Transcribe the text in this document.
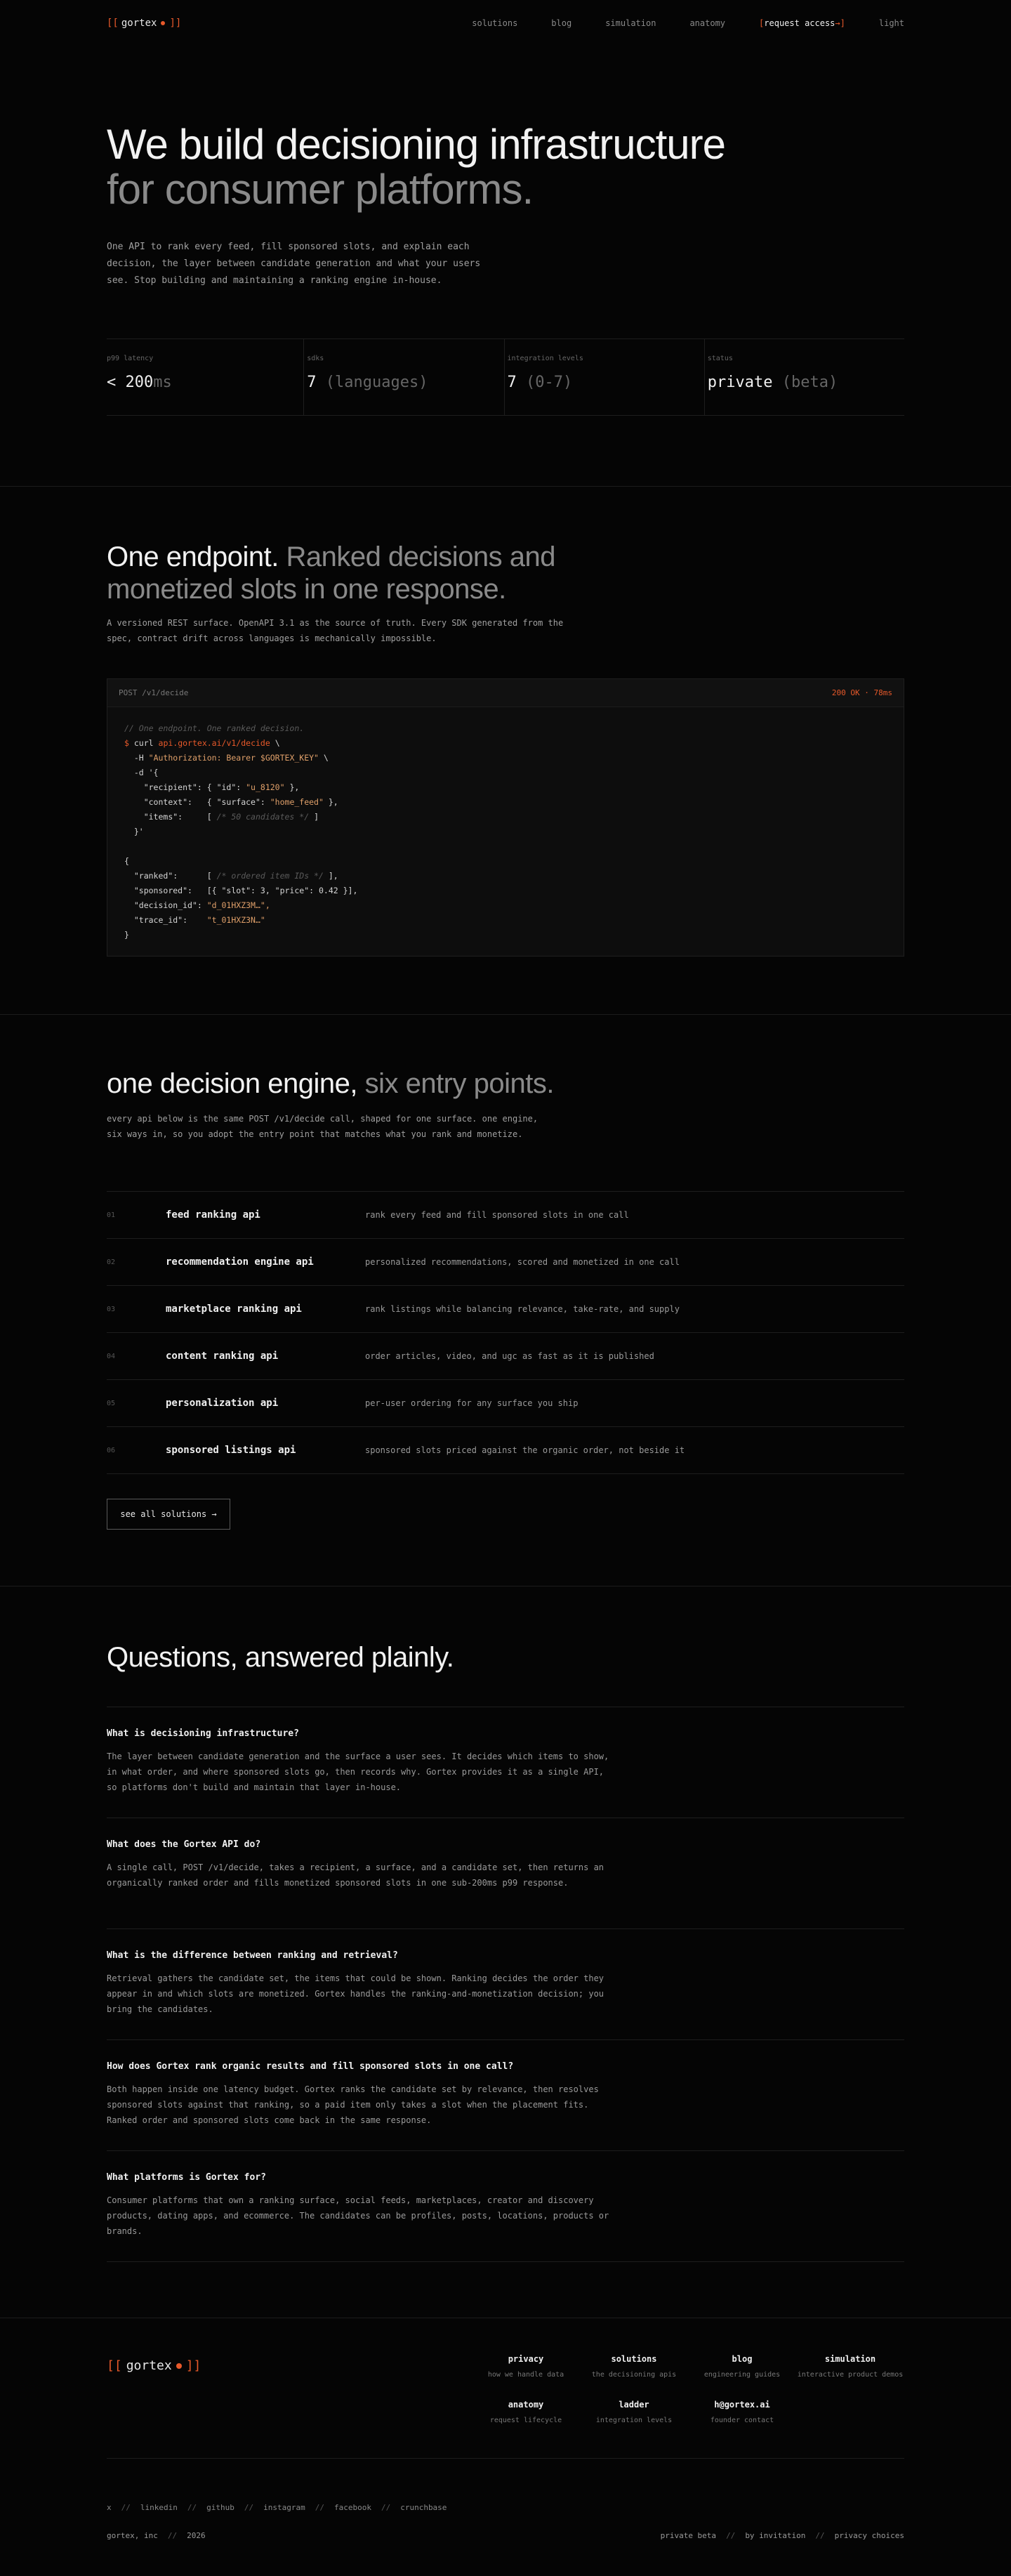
[[ gortex ]]	solutions	blog	simulation	anatomy	[request access→]	light
We build decisioning infrastructure
for consumer platforms.

One API to rank every feed, fill sponsored slots, and explain each decision, the layer between candidate generation and what your users see. Stop building and maintaining a ranking engine in-house.

p99 latency
< 200ms
sdks
7 (languages)
integration levels
7 (0-7)
status
private (beta)
One endpoint. Ranked decisions and monetized slots in one response.

A versioned REST surface. OpenAPI 3.1 as the source of truth. Every SDK generated from the spec, contract drift across languages is mechanically impossible.

POST /v1/decide	200 OK · 78ms
// One endpoint. One ranked decision.
$ curl api.gortex.ai/v1/decide \
-H "Authorization: Bearer $GORTEX_KEY" \
-d '{
"recipient": { "id": "u_8120" },
"context": { "surface": "home_feed" },
"items":	[ /* 50 candidates */ ]
}'

{
"ranked":	[ /* ordered item IDs */ ],
"sponsored": [{ "slot": 3, "price": 0.42 }],
"decision_id": "d_01HXZ3M…",
"trace_id": "t_01HXZ3N…"
}
one decision engine, six entry points.

every api below is the same POST /v1/decide call, shaped for one surface. one engine, six ways in, so you adopt the entry point that matches what you rank and monetize.

01	feed ranking api	rank every feed and fill sponsored slots in one call
02	recommendation engine api	personalized recommendations, scored and monetized in one call
03	marketplace ranking api	rank listings while balancing relevance, take-rate, and supply
04	content ranking api	order articles, video, and ugc as fast as it is published
05	personalization api	per-user ordering for any surface you ship
06	sponsored listings api	sponsored slots priced against the organic order, not beside it
see all solutions →
Questions, answered plainly.
What is decisioning infrastructure?
The layer between candidate generation and the surface a user sees. It decides which items to show, in what order, and where sponsored slots go, then records why. Gortex provides it as a single API, so platforms don't build and maintain that layer in-house.
What does the Gortex API do?
A single call, POST /v1/decide, takes a recipient, a surface, and a candidate set, then returns an organically ranked order and fills monetized sponsored slots in one sub-200ms p99 response.
What is the difference between ranking and retrieval?
Retrieval gathers the candidate set, the items that could be shown. Ranking decides the order they appear in and which slots are monetized. Gortex handles the ranking-and-monetization decision; you bring the candidates.
How does Gortex rank organic results and fill sponsored slots in one call?
Both happen inside one latency budget. Gortex ranks the candidate set by relevance, then resolves sponsored slots against that ranking, so a paid item only takes a slot when the placement fits. Ranked order and sponsored slots come back in the same response.
What platforms is Gortex for?
Consumer platforms that own a ranking surface, social feeds, marketplaces, creator and discovery products, dating apps, and ecommerce. The candidates can be profiles, posts, locations, products or brands.
[[ gortex ]]	privacy
how we handle data
solutions
the decisioning apis
blog
engineering guides
simulation
interactive product demos
anatomy
request lifecycle
ladder
integration levels
h@gortex.ai
founder contact
x // linkedin // github // instagram // facebook // crunchbase
gortex, inc // 2026	private beta // by invitation // privacy choices
